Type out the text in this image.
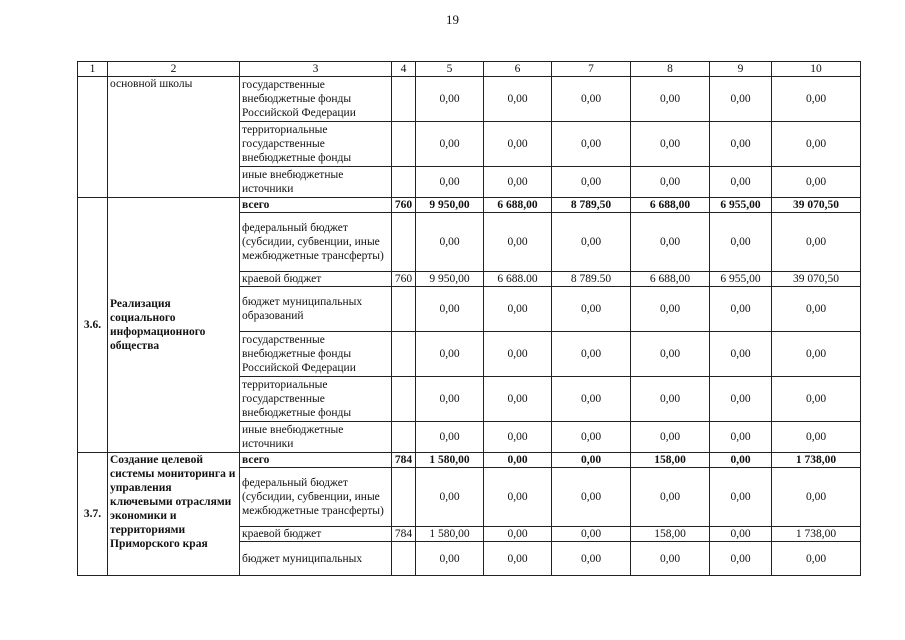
19
1	2	3	4	5	6	7	8	9	10
	основной школы	государственные внебюджетные фонды Российской Федерации		0,00	0,00	0,00	0,00	0,00	0,00
		территориальные государственные внебюджетные фонды		0,00	0,00	0,00	0,00	0,00	0,00
		иные внебюджетные источники		0,00	0,00	0,00	0,00	0,00	0,00
3.6.	Реализация социального информационного общества	всего	760	9 950,00	6 688,00	8 789,50	6 688,00	6 955,00	39 070,50
		федеральный бюджет (субсидии, субвенции, иные межбюджетные трансферты)		0,00	0,00	0,00	0,00	0,00	0,00
		краевой бюджет	760	9 950,00	6 688.00	8 789.50	6 688,00	6 955,00	39 070,50
		бюджет муниципальных образований		0,00	0,00	0,00	0,00	0,00	0,00
		государственные внебюджетные фонды Российской Федерации		0,00	0,00	0,00	0,00	0,00	0,00
		территориальные государственные внебюджетные фонды		0,00	0,00	0,00	0,00	0,00	0,00
		иные внебюджетные источники		0,00	0,00	0,00	0,00	0,00	0,00
3.7.	Создание целевой системы мониторинга и управления ключевыми отраслями экономики и территориями Приморского края	всего	784	1 580,00	0,00	0,00	158,00	0,00	1 738,00
		федеральный бюджет (субсидии, субвенции, иные межбюджетные трансферты)		0,00	0,00	0,00	0,00	0,00	0,00
		краевой бюджет	784	1 580,00	0,00	0,00	158,00	0,00	1 738,00
		бюджет муниципальных		0,00	0,00	0,00	0,00	0,00	0,00
